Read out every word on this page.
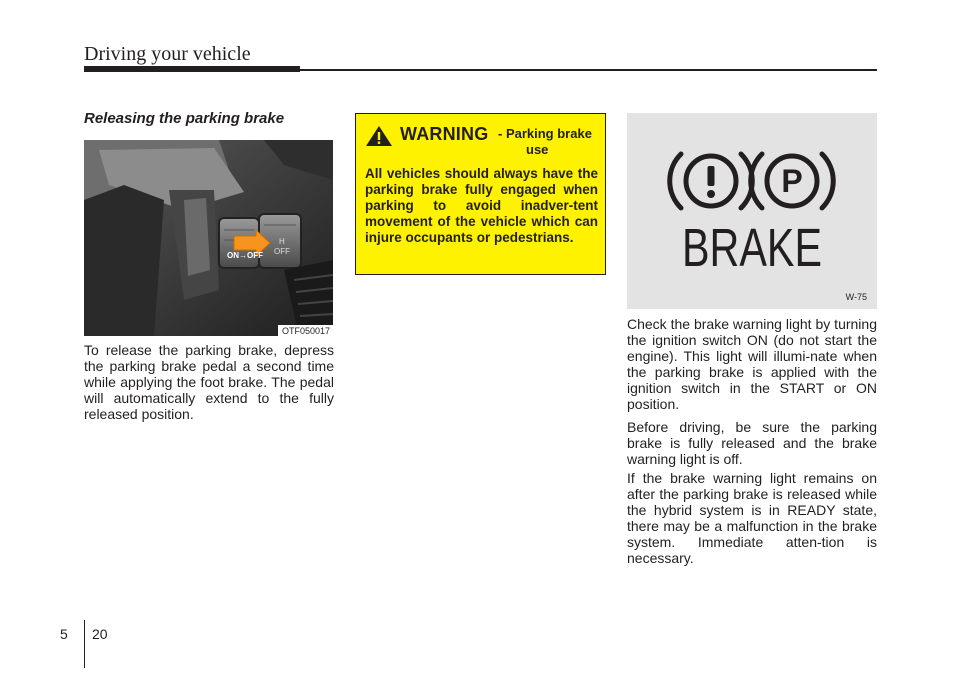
Driving your vehicle
Releasing the parking brake
ON→OFF
H
OFF
OTF050017

To release the parking brake, depress the parking brake pedal a second time while applying the foot brake. The pedal will automatically extend to the fully released position.

WARNING - Parking brake
use

All vehicles should always have the parking brake fully engaged when parking to avoid inadver-tent movement of the vehicle which can injure occupants or pedestrians.

P
BRAKE
W-75

Check the brake warning light by turning the ignition switch ON (do not start the engine). This light will illumi-nate when the parking brake is applied with the ignition switch in the START or ON position.

Before driving, be sure the parking brake is fully released and the brake warning light is off.

If the brake warning light remains on after the parking brake is released while the hybrid system is in READY state, there may be a malfunction in the brake system. Immediate atten-tion is necessary.

5 20
